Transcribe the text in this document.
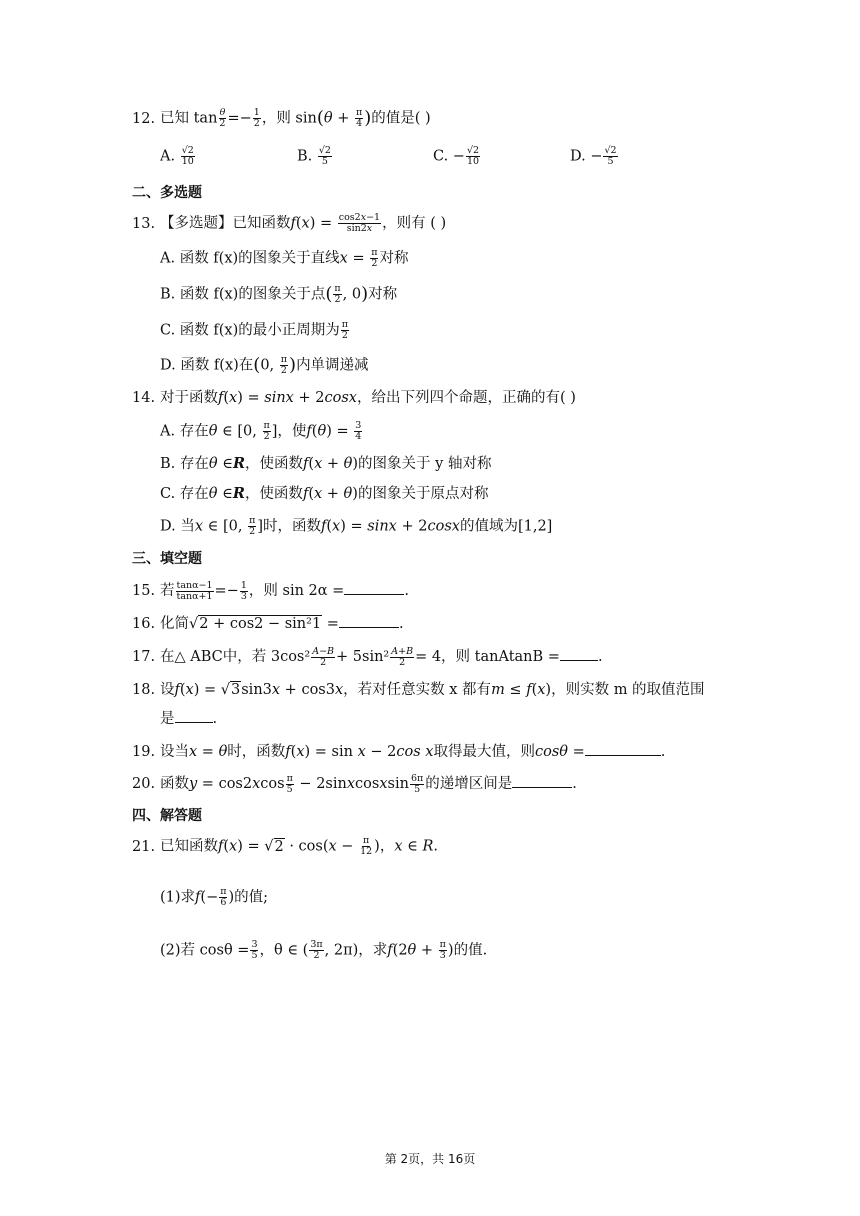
12. 已知 $\tan \frac{\theta}{2} =- \frac{1}{2}$ ，则 $\sin(\theta + \frac{\pi}{4}$ )的值是( )
A. $\frac{√2}{10}$	B. $\frac{√2}{5}$	C. − $\frac{√2}{10}$	D. − $\frac{√2}{5}$
二、多选题
13. 【多选题】已知函数$f(x) = \frac{\cos 2x-1}{\sin 2x}$ ，则有 ( )
A. 函数 f(x)的图象关于直线$x = \frac{\pi}{2}$ 对称
B. 函数 f(x)的图象关于点( $\frac{\pi}{2}$ , 0)对称
C. 函数 f(x)的最小正周期为 $\frac{\pi}{2}$
D. 函数 f(x)在(0, $\frac{\pi}{2}$ )内单调递减
14. 对于函数f(x) = sinx + 2cosx，给出下列四个命题，正确的有( )
A. 存在θ ∈ [0, $\frac{\pi}{2}$ ]，使$f(\theta) = \frac{3}{4}$
B. 存在θ ∈R，使函数f(x + θ)的图象关于 y 轴对称
C. 存在θ ∈R，使函数f(x + θ)的图象关于原点对称
D. 当x ∈ [0, $\frac{\pi}{2}$ ]时，函数f(x) = sinx + 2cosx的值域为[1,2]
三、填空题
15. 若 $\frac{\tan\alpha-1}{\tan\alpha+1} =- \frac{1}{3}$ ，则 sin 2α =	.
16. 化简√2 + cos2 − sin²1 =	.
17. 在△ ABC中，若 $3\cos^2 \frac{A-B}{2} + 5\sin^2 \frac{A+B}{2} = 4$，则 tanAtanB =	.
18. 设f(x) = √3sin3x + cos3x，若对任意实数 x 都有m ≤ f(x)，则实数 m 的取值范围
是	.
19. 设当x = θ时，函数f(x) = sin x − 2cos x取得最大值，则cosθ =	.
20. 函数$y = \cos 2xcos \frac{\pi}{5}$ − 2sinxcosxsin $\frac{6\pi}{5}$ 的递增区间是	.
四、解答题
21. 已知函数$f(x) = √2 \cdot \cos(x - \frac{\pi}{12}$ )，x ∈ R.
(1)求$f(- \frac{\pi}{6}$ )的值;
(2)若 $\cos\theta = \frac{3}{5}$ ，θ ∈ ( $\frac{3\pi}{2}$ , 2π)，求$f(2\theta + \frac{\pi}{3}$ )的值.
第 2页，共 16页
